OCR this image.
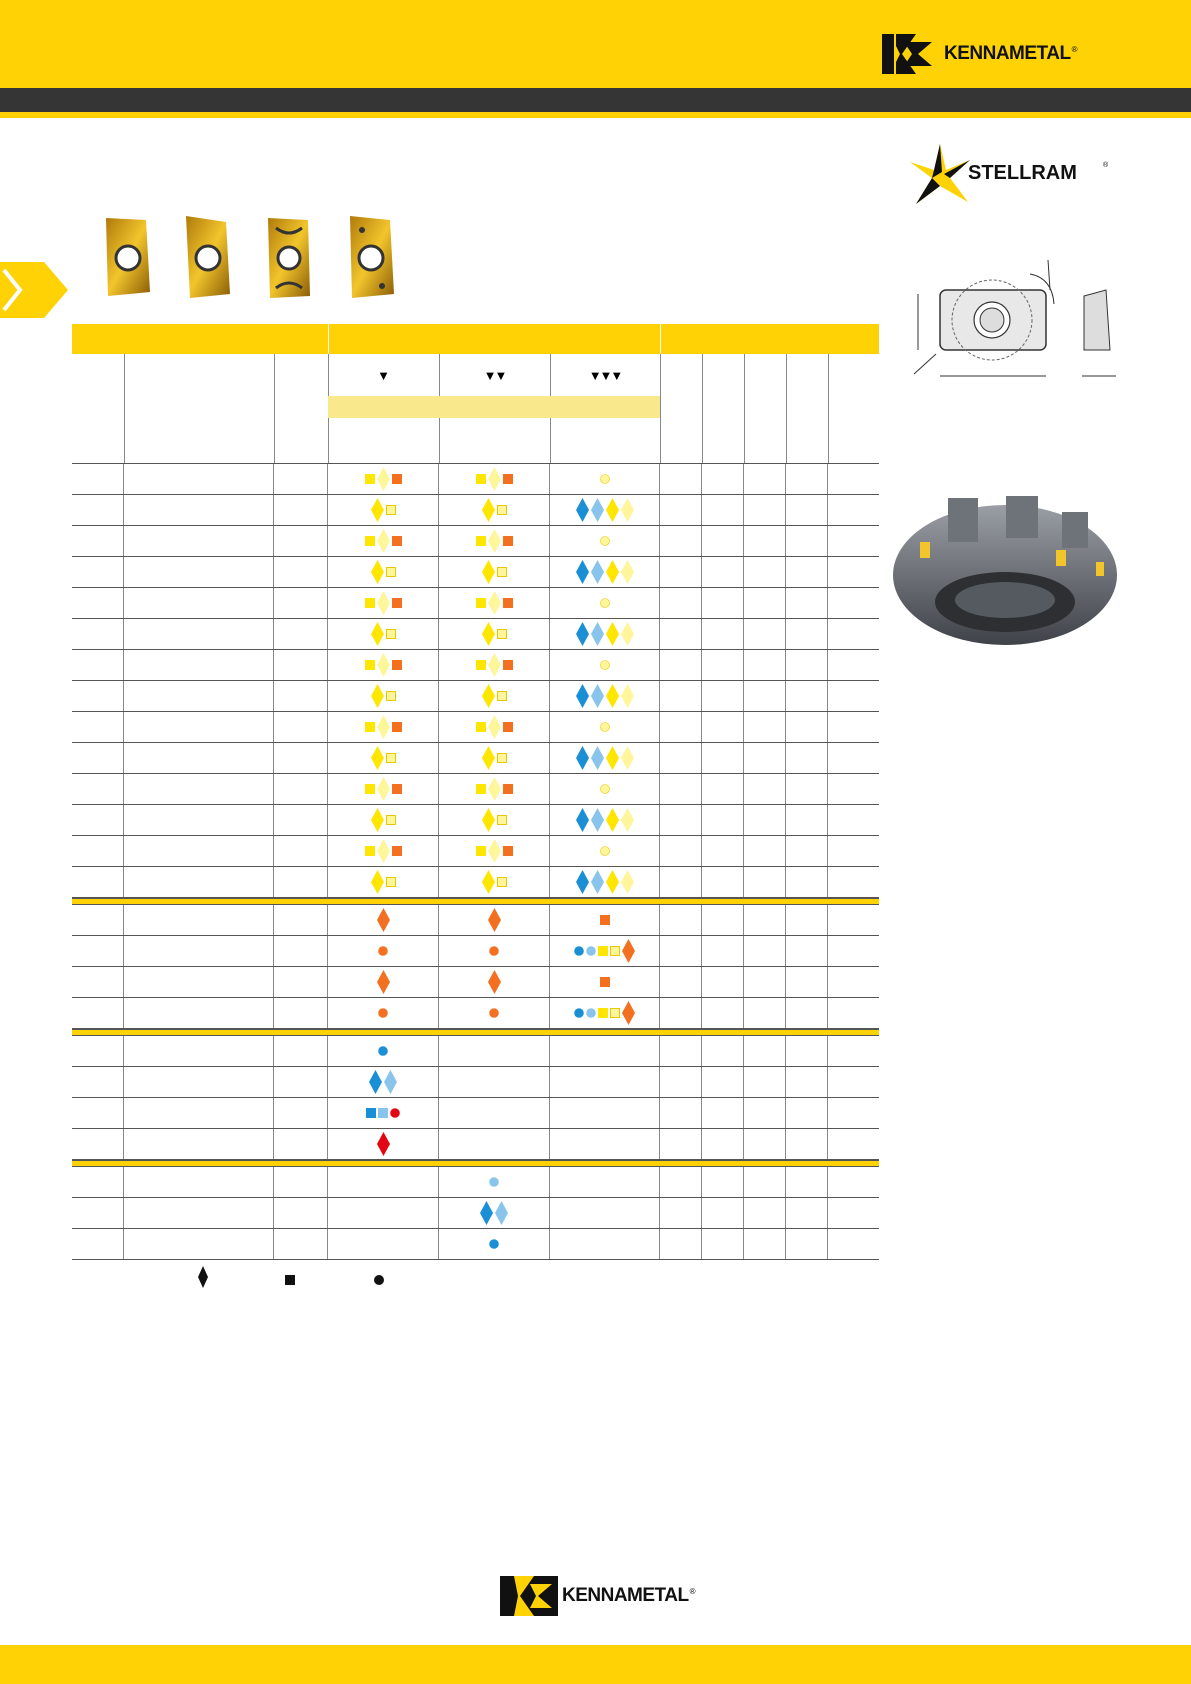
KENNAMETAL ®
STELLRAM	®
▼	▼▼	▼▼▼
KENNAMETAL ®
